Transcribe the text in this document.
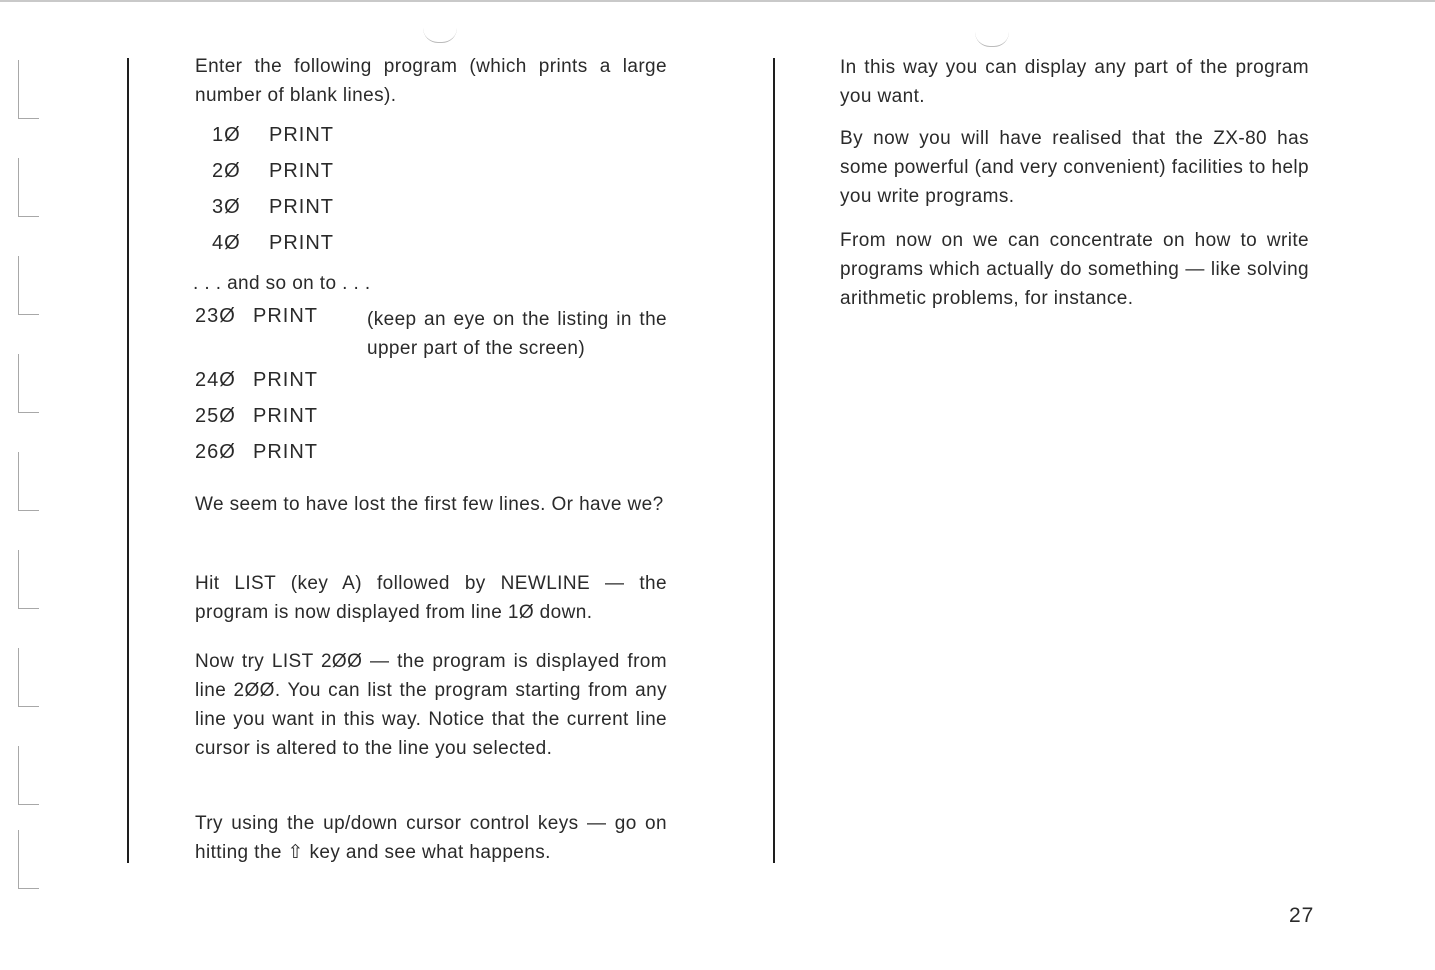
Enter the following program (which prints a large number of blank lines).

1Ø PRINT
2Ø PRINT
3Ø PRINT
4Ø PRINT
. . . and so on to . . .
23Ø PRINT	(keep an eye on the listing in the upper part of the screen)

24Ø PRINT
25Ø PRINT
26Ø PRINT

We seem to have lost the first few lines. Or have we?

Hit LIST (key A) followed by NEWLINE — the program is now displayed from line 1Ø down.

Now try LIST 2ØØ — the program is displayed from line 2ØØ. You can list the program starting from any line you want in this way. Notice that the current line cursor is altered to the line you selected.

Try using the up/down cursor control keys — go on hitting the ⇧ key and see what happens.

In this way you can display any part of the program you want.

By now you will have realised that the ZX-80 has some powerful (and very convenient) facilities to help you write programs.

From now on we can concentrate on how to write programs which actually do something — like solving arithmetic problems, for instance.

27
